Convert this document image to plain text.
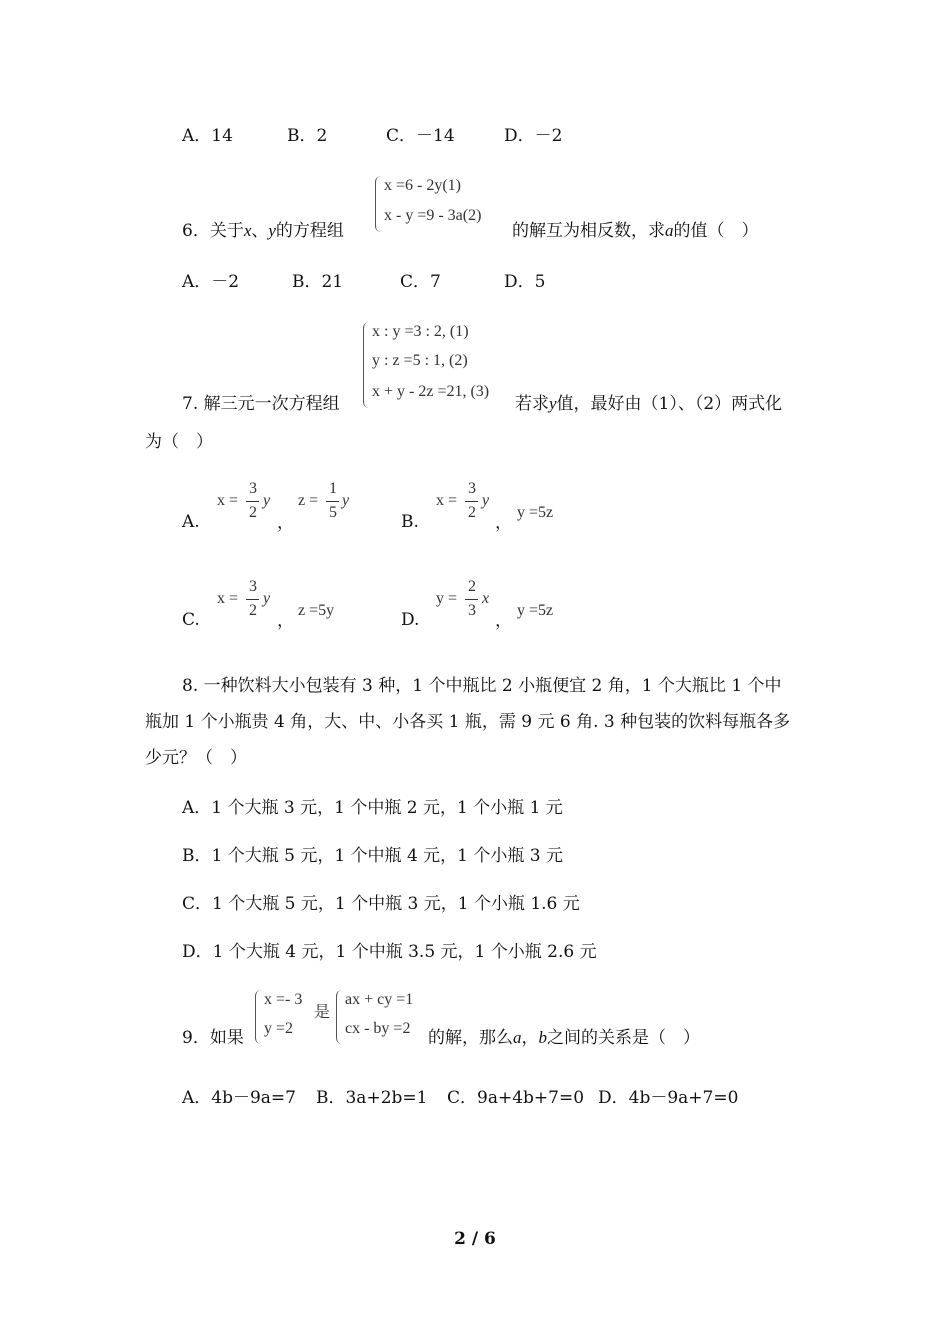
A．14	B．2	C．－14	D．－2
x =6 - 2y(1)
x - y =9 - 3a(2)
6．关于x、y的方程组	的解互为相反数，求a的值（　）
A．－2	B．21	C．7	D．5
x : y =3 : 2, (1)
y : z =5 : 1, (2)
x + y - 2z =21, (3)
7. 解三元一次方程组	若求y值，最好由（1）、（2）两式化
为（　）
A.
x =
3
2
y
，
z =
1
5
y
B.
x =
3
2
y
，
y =5z
C.
x =
3
2
y
，
z =5y	D.
y =
2
3
x
，
y =5z
8. 一种饮料大小包装有 3 种，1 个中瓶比 2 小瓶便宜 2 角，1 个大瓶比 1 个中
瓶加 1 个小瓶贵 4 角，大、中、小各买 1 瓶，需 9 元 6 角. 3 种包装的饮料每瓶各多
少元？（　）
A．1 个大瓶 3 元，1 个中瓶 2 元，1 个小瓶 1 元
B．1 个大瓶 5 元，1 个中瓶 4 元，1 个小瓶 3 元
C．1 个大瓶 5 元，1 个中瓶 3 元，1 个小瓶 1.6 元
D．1 个大瓶 4 元，1 个中瓶 3.5 元，1 个小瓶 2.6 元
x =- 3
y =2
是
ax + cy =1
cx - by =2
9．如果	的解，那么a，b之间的关系是（　）
A．4b－9a=7 B．3a+2b=1 C．9a+4b+7=0 D．4b－9a+7=0
2 / 6
